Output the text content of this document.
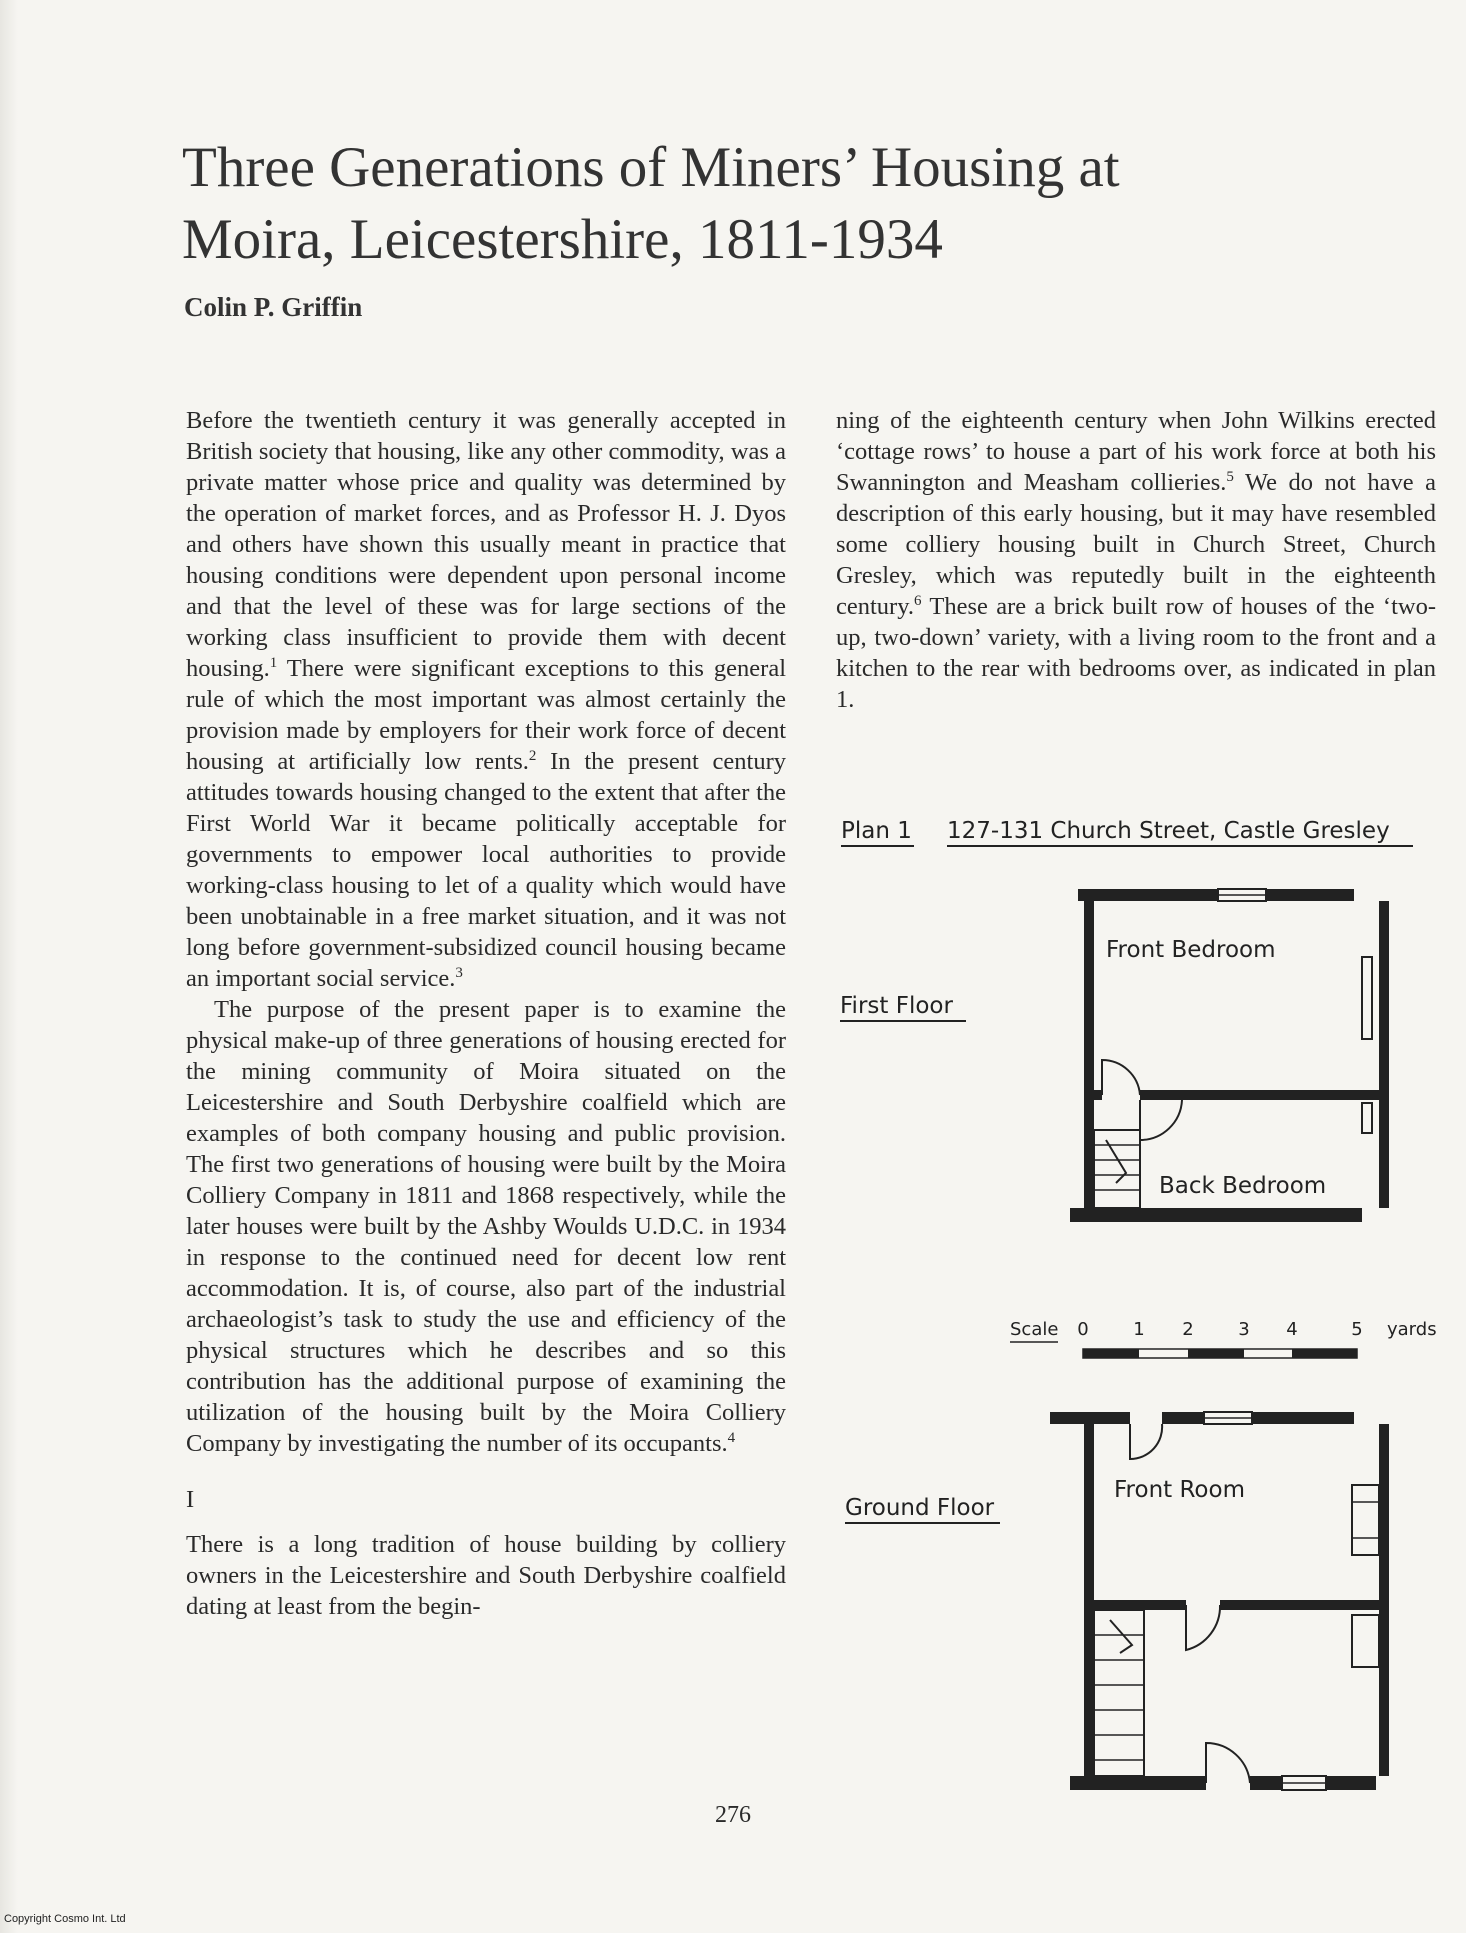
Three Generations of Miners’ Housing at
Moira, Leicestershire, 1811-1934
Colin P. Griffin

Before the twentieth century it was generally accepted in British society that housing, like any other commodity, was a private matter whose price and quality was determined by the operation of market forces, and as Professor H. J. Dyos and others have shown this usually meant in practice that housing conditions were dependent upon personal income and that the level of these was for large sections of the working class insufficient to provide them with decent housing.$^1$ There were significant exceptions to this general rule of which the most important was almost certainly the provision made by employers for their work force of decent housing at artificially low rents.$^2$ In the present century attitudes towards housing changed to the extent that after the First World War it became politically acceptable for governments to empower local authorities to provide working-class housing to let of a quality which would have been unobtainable in a free market situation, and it was not long before government-subsidized council housing became an important social service.$^3$

The purpose of the present paper is to examine the physical make-up of three generations of housing erected for the mining community of Moira situated on the Leicestershire and South Derbyshire coalfield which are examples of both company housing and public provision. The first two generations of housing were built by the Moira Colliery Company in 1811 and 1868 respectively, while the later houses were built by the Ashby Woulds U.D.C. in 1934 in response to the continued need for decent low rent accommodation. It is, of course, also part of the industrial archaeologist’s task to study the use and efficiency of the physical structures which he describes and so this contribution has the additional purpose of examining the utilization of the housing built by the Moira Colliery Company by investigating the number of its occupants.$^4$

I

There is a long tradition of house building by colliery owners in the Leicestershire and South Derbyshire coalfield dating at least from the begin-

ning of the eighteenth century when John Wilkins erected ‘cottage rows’ to house a part of his work force at both his Swannington and Measham collieries.$^5$ We do not have a description of this early housing, but it may have resembled some colliery housing built in Church Street, Church Gresley, which was reputedly built in the eighteenth century.$^6$ These are a brick built row of houses of the ‘two-up, two-down’ variety, with a living room to the front and a kitchen to the rear with bedrooms over, as indicated in plan 1.

Plan 1 127-131 Church Street, Castle Gresley
First Floor
Front Bedroom
Back Bedroom
Scale 0 1 2 3 4	5 yards
Ground Floor
Front Room
276
Copyright Cosmo Int. Ltd
